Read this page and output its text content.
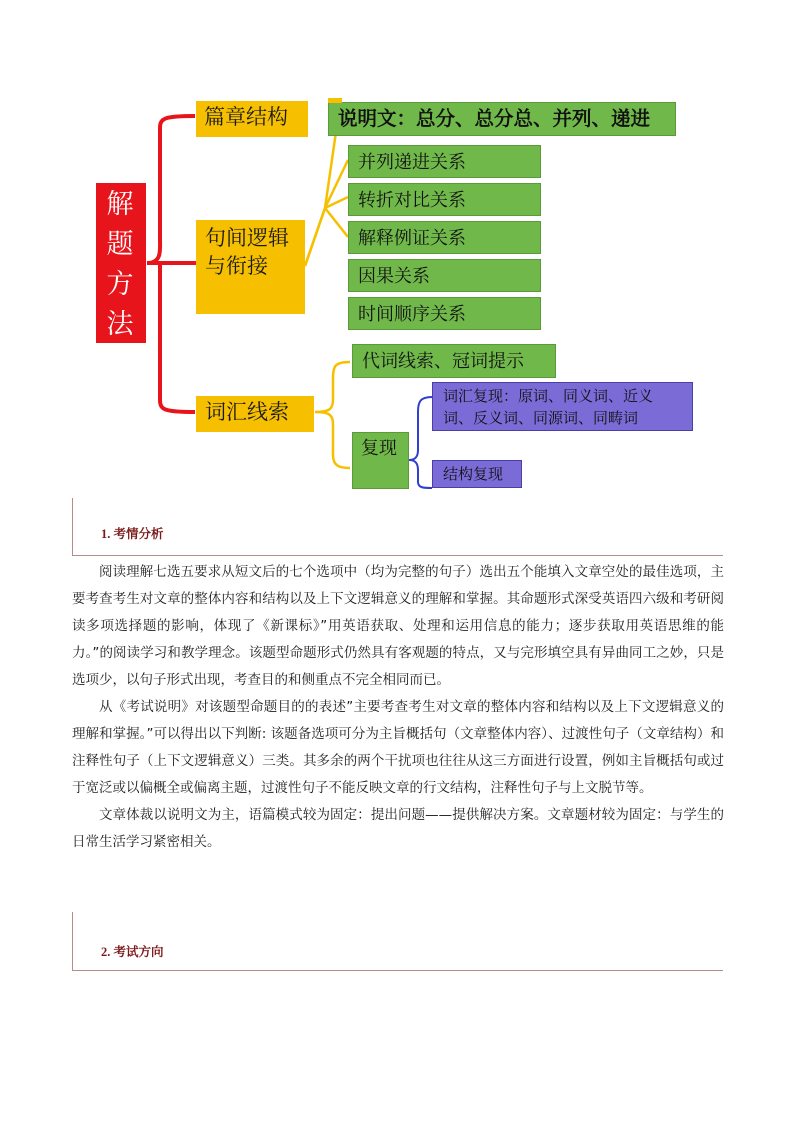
解
题
方
法
篇章结构	说明文：总分、总分总、并列、递进
句间逻辑与衔接
并列递进关系
转折对比关系
解释例证关系
因果关系
时间顺序关系
词汇线索
代词线索、冠词提示
复现
词汇复现：原词、同义词、近义词、反义词、同源词、同畴词
结构复现
1. 考情分析

阅读理解七选五要求从短文后的七个选项中（均为完整的句子）选出五个能填入文章空处的最佳选项，主要考查考生对文章的整体内容和结构以及上下文逻辑意义的理解和掌握。其命题形式深受英语四六级和考研阅读多项选择题的影响，体现了《新课标》”用英语获取、处理和运用信息的能力；逐步获取用英语思维的能力。”的阅读学习和教学理念。该题型命题形式仍然具有客观题的特点，又与完形填空具有异曲同工之妙，只是选项少，以句子形式出现，考查目的和侧重点不完全相同而已。

从《考试说明》对该题型命题目的的表述”主要考查考生对文章的整体内容和结构以及上下文逻辑意义的理解和掌握。”可以得出以下判断: 该题备选项可分为主旨概括句（文章整体内容）、过渡性句子（文章结构）和注释性句子（上下文逻辑意义）三类。其多余的两个干扰项也往往从这三方面进行设置，例如主旨概括句或过于宽泛或以偏概全或偏离主题，过渡性句子不能反映文章的行文结构，注释性句子与上文脱节等。

文章体裁以说明文为主，语篇模式较为固定：提出问题——提供解决方案。文章题材较为固定：与学生的日常生活学习紧密相关。

2. 考试方向
